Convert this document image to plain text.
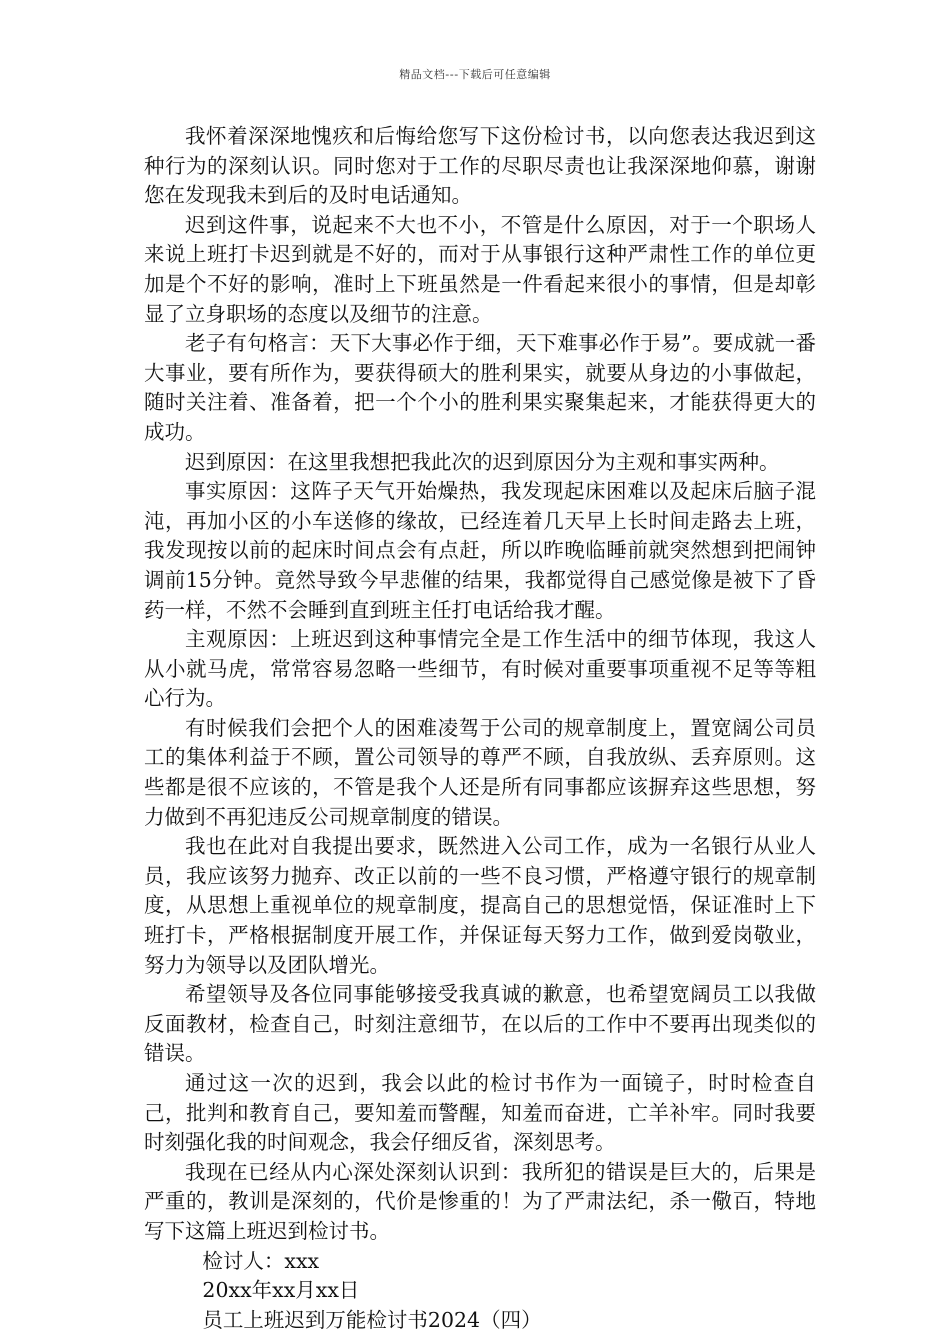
精品文档---下载后可任意编辑

我怀着深深地愧疚和后悔给您写下这份检讨书，以向您表达我迟到这种行为的深刻认识。同时您对于工作的尽职尽责也让我深深地仰慕，谢谢您在发现我未到后的及时电话通知。

迟到这件事，说起来不大也不小，不管是什么原因，对于一个职场人来说上班打卡迟到就是不好的，而对于从事银行这种严肃性工作的单位更加是个不好的影响，准时上下班虽然是一件看起来很小的事情，但是却彰显了立身职场的态度以及细节的注意。

老子有句格言：天下大事必作于细，天下难事必作于易”。要成就一番大事业，要有所作为，要获得硕大的胜利果实，就要从身边的小事做起，随时关注着、准备着，把一个个小的胜利果实聚集起来，才能获得更大的成功。

迟到原因：在这里我想把我此次的迟到原因分为主观和事实两种。

事实原因：这阵子天气开始燥热，我发现起床困难以及起床后脑子混沌，再加小区的小车送修的缘故，已经连着几天早上长时间走路去上班，我发现按以前的起床时间点会有点赶，所以昨晚临睡前就突然想到把闹钟调前15分钟。竟然导致今早悲催的结果，我都觉得自己感觉像是被下了昏药一样，不然不会睡到直到班主任打电话给我才醒。

主观原因：上班迟到这种事情完全是工作生活中的细节体现，我这人从小就马虎，常常容易忽略一些细节，有时候对重要事项重视不足等等粗心行为。

有时候我们会把个人的困难凌驾于公司的规章制度上，置宽阔公司员工的集体利益于不顾，置公司领导的尊严不顾，自我放纵、丢弃原则。这些都是很不应该的，不管是我个人还是所有同事都应该摒弃这些思想，努力做到不再犯违反公司规章制度的错误。

我也在此对自我提出要求，既然进入公司工作，成为一名银行从业人员，我应该努力抛弃、改正以前的一些不良习惯，严格遵守银行的规章制度，从思想上重视单位的规章制度，提高自己的思想觉悟，保证准时上下班打卡，严格根据制度开展工作，并保证每天努力工作，做到爱岗敬业，努力为领导以及团队增光。

希望领导及各位同事能够接受我真诚的歉意，也希望宽阔员工以我做反面教材，检查自己，时刻注意细节，在以后的工作中不要再出现类似的错误。

通过这一次的迟到，我会以此的检讨书作为一面镜子，时时检查自己，批判和教育自己，要知羞而警醒，知羞而奋进，亡羊补牢。同时我要时刻强化我的时间观念，我会仔细反省，深刻思考。

我现在已经从内心深处深刻认识到：我所犯的错误是巨大的，后果是严重的，教训是深刻的，代价是惨重的！为了严肃法纪，杀一儆百，特地写下这篇上班迟到检讨书。

检讨人：xxx

20xx年xx月xx日

员工上班迟到万能检讨书2024（四）
